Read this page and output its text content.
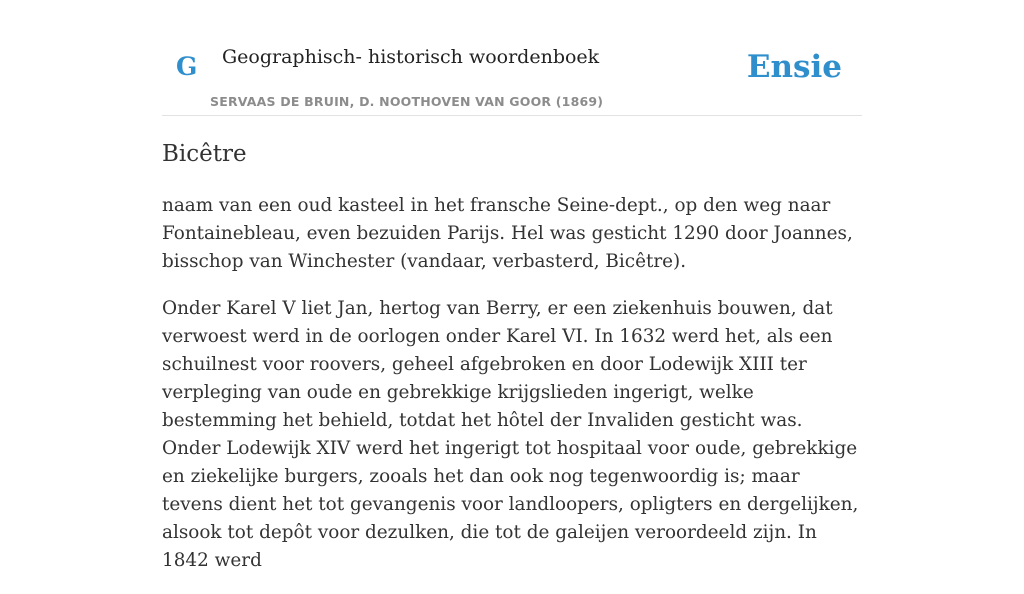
G Geographisch- historisch woordenboek
SERVAAS DE BRUIN, D. NOOTHOVEN VAN GOOR (1869)
Ensie
Bicêtre

naam van een oud kasteel in het fransche Seine-dept., op den weg naar Fontainebleau, even bezuiden Parijs. Hel was gesticht 1290 door Joannes, bisschop van Winchester (vandaar, verbasterd, Bicêtre).

Onder Karel V liet Jan, hertog van Berry, er een ziekenhuis bouwen, dat verwoest werd in de oorlogen onder Karel VI. In 1632 werd het, als een schuilnest voor roovers, geheel afgebroken en door Lodewijk XIII ter verpleging van oude en gebrekkige krijgslieden ingerigt, welke bestemming het behield, totdat het hôtel der Invaliden gesticht was. Onder Lodewijk XIV werd het ingerigt tot hospitaal voor oude, gebrekkige en ziekelijke burgers, zooals het dan ook nog tegenwoordig is; maar tevens dient het tot gevangenis voor landloopers, opligters en dergelijken, alsook tot depôt voor dezulken, die tot de galeijen veroordeeld zijn. In 1842 werd
